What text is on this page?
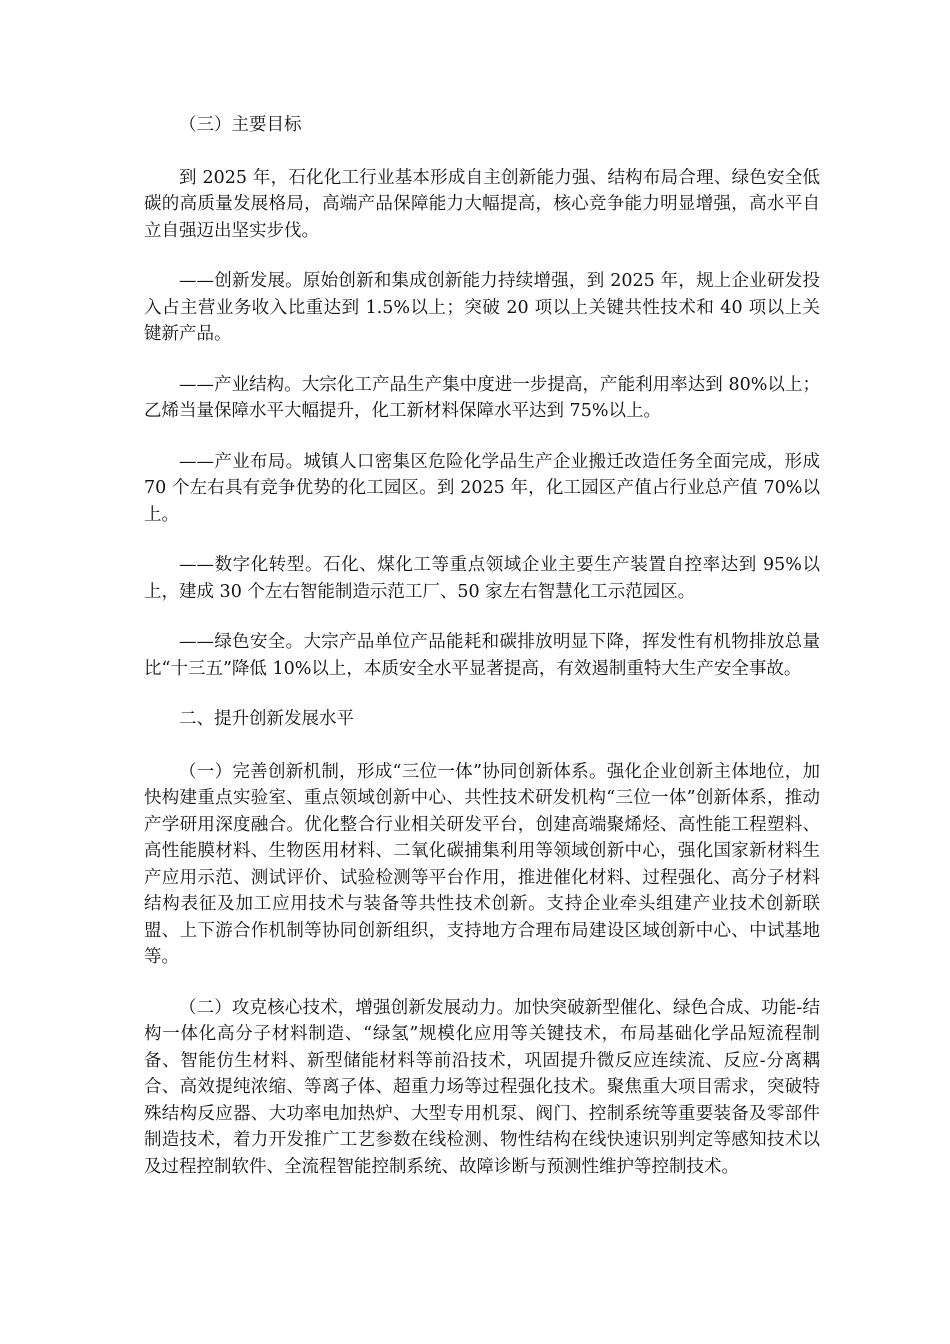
（三）主要目标

到 2025 年，石化化工行业基本形成自主创新能力强、结构布局合理、绿色安全低碳的高质量发展格局，高端产品保障能力大幅提高，核心竞争能力明显增强，高水平自立自强迈出坚实步伐。

——创新发展。原始创新和集成创新能力持续增强，到 2025 年，规上企业研发投入占主营业务收入比重达到 1.5%以上；突破 20 项以上关键共性技术和 40 项以上关键新产品。

——产业结构。大宗化工产品生产集中度进一步提高，产能利用率达到 80%以上；乙烯当量保障水平大幅提升，化工新材料保障水平达到 75%以上。

——产业布局。城镇人口密集区危险化学品生产企业搬迁改造任务全面完成，形成 70 个左右具有竞争优势的化工园区。到 2025 年，化工园区产值占行业总产值 70%以上。

——数字化转型。石化、煤化工等重点领域企业主要生产装置自控率达到 95%以上，建成 30 个左右智能制造示范工厂、50 家左右智慧化工示范园区。

——绿色安全。大宗产品单位产品能耗和碳排放明显下降，挥发性有机物排放总量比“十三五”降低 10%以上，本质安全水平显著提高，有效遏制重特大生产安全事故。

二、提升创新发展水平

（一）完善创新机制，形成“三位一体”协同创新体系。强化企业创新主体地位，加快构建重点实验室、重点领域创新中心、共性技术研发机构“三位一体”创新体系，推动产学研用深度融合。优化整合行业相关研发平台，创建高端聚烯烃、高性能工程塑料、高性能膜材料、生物医用材料、二氧化碳捕集利用等领域创新中心，强化国家新材料生产应用示范、测试评价、试验检测等平台作用，推进催化材料、过程强化、高分子材料结构表征及加工应用技术与装备等共性技术创新。支持企业牵头组建产业技术创新联盟、上下游合作机制等协同创新组织，支持地方合理布局建设区域创新中心、中试基地等。

（二）攻克核心技术，增强创新发展动力。加快突破新型催化、绿色合成、功能-结构一体化高分子材料制造、“绿氢”规模化应用等关键技术，布局基础化学品短流程制备、智能仿生材料、新型储能材料等前沿技术，巩固提升微反应连续流、反应-分离耦合、高效提纯浓缩、等离子体、超重力场等过程强化技术。聚焦重大项目需求，突破特殊结构反应器、大功率电加热炉、大型专用机泵、阀门、控制系统等重要装备及零部件制造技术，着力开发推广工艺参数在线检测、物性结构在线快速识别判定等感知技术以及过程控制软件、全流程智能控制系统、故障诊断与预测性维护等控制技术。
